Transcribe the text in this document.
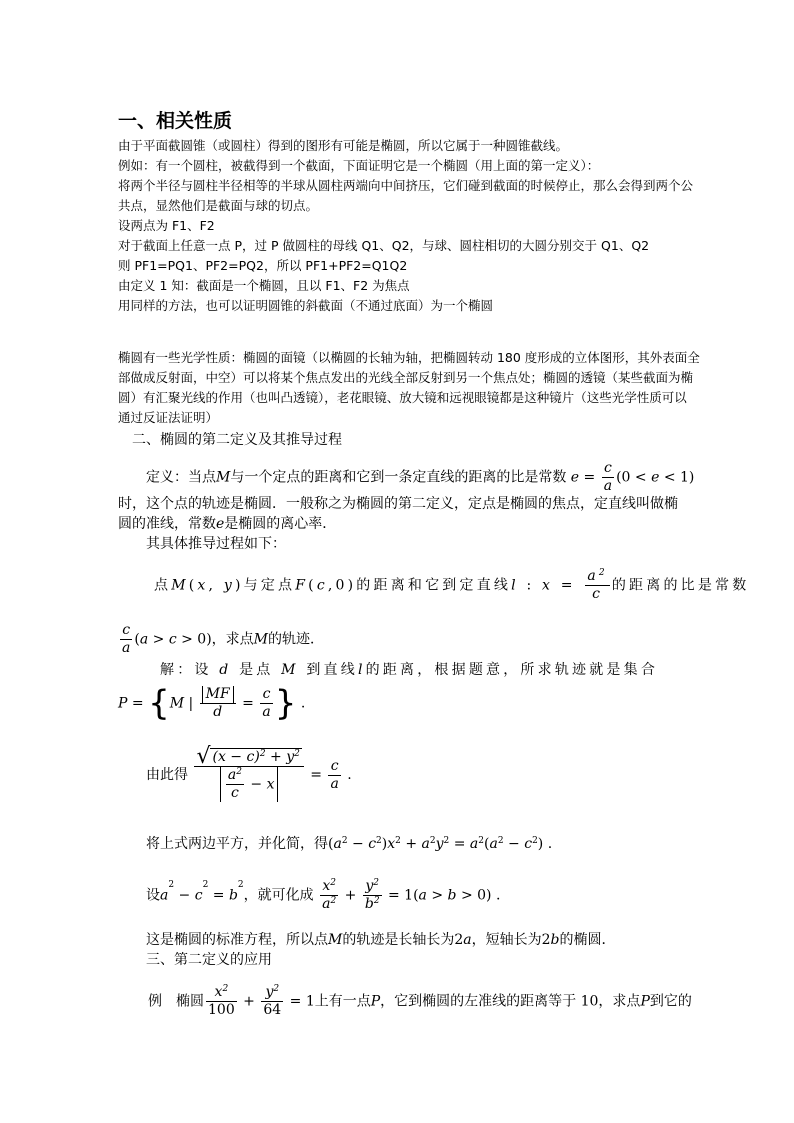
一、相关性质
由于平面截圆锥（或圆柱）得到的图形有可能是椭圆，所以它属于一种圆锥截线。
例如：有一个圆柱，被截得到一个截面，下面证明它是一个椭圆（用上面的第一定义）：
将两个半径与圆柱半径相等的半球从圆柱两端向中间挤压，它们碰到截面的时候停止，那么会得到两个公
共点，显然他们是截面与球的切点。
设两点为 F1、F2
对于截面上任意一点 P，过 P 做圆柱的母线 Q1、Q2，与球、圆柱相切的大圆分别交于 Q1、Q2
则 PF1=PQ1、PF2=PQ2，所以 PF1+PF2=Q1Q2
由定义 1 知：截面是一个椭圆，且以 F1、F2 为焦点
用同样的方法，也可以证明圆锥的斜截面（不通过底面）为一个椭圆
椭圆有一些光学性质：椭圆的面镜（以椭圆的长轴为轴，把椭圆转动 180 度形成的立体图形，其外表面全
部做成反射面，中空）可以将某个焦点发出的光线全部反射到另一个焦点处；椭圆的透镜（某些截面为椭
圆）有汇聚光线的作用（也叫凸透镜），老花眼镜、放大镜和远视眼镜都是这种镜片（这些光学性质可以
通过反证法证明）
二、椭圆的第二定义及其推导过程
定义：当点M与一个定点的距离和它到一条定直线的距离的比是常数 $e = \frac{c}{a} (0 < e < 1)$
时，这个点的轨迹是椭圆．一般称之为椭圆的第二定义，定点是椭圆的焦点，定直线叫做椭
圆的准线，常数e是椭圆的离心率．
其具体推导过程如下：
点M(x, y)与定点F(c,0)的距离和它到定直线l : $x = \frac{a^2}{c}$ 的距离的比是常数
$\frac{c}{a} (a > c > 0)$，求点M的轨迹．
解：设 d 是点 M 到直线l的距离，根据题意，所求轨迹就是集合
P = {M | $\frac{MF}{d} = \frac{c}{a}$ } .
由此得 $\frac{√ (x - c)^2 + y^2}{\frac{a^2}{c} - x} = \frac{c}{a}$ .
将上式两边平方，并化简，得$(a^2 - c^2)x^2 + a^2y^2 = a^2(a^2 - c^2)$ .
设$a^2 - c^2 = b^2$，就可化成 $\frac{x^2}{a^2} + \frac{y^2}{b^2} = 1(a > b > 0)$ .
这是椭圆的标准方程，所以点M的轨迹是长轴长为2a，短轴长为2b的椭圆．
三、第二定义的应用
例　椭圆 $\frac{x^2}{100} + \frac{y^2}{64} = 1$上有一点P，它到椭圆的左准线的距离等于 10，求点P到它的
